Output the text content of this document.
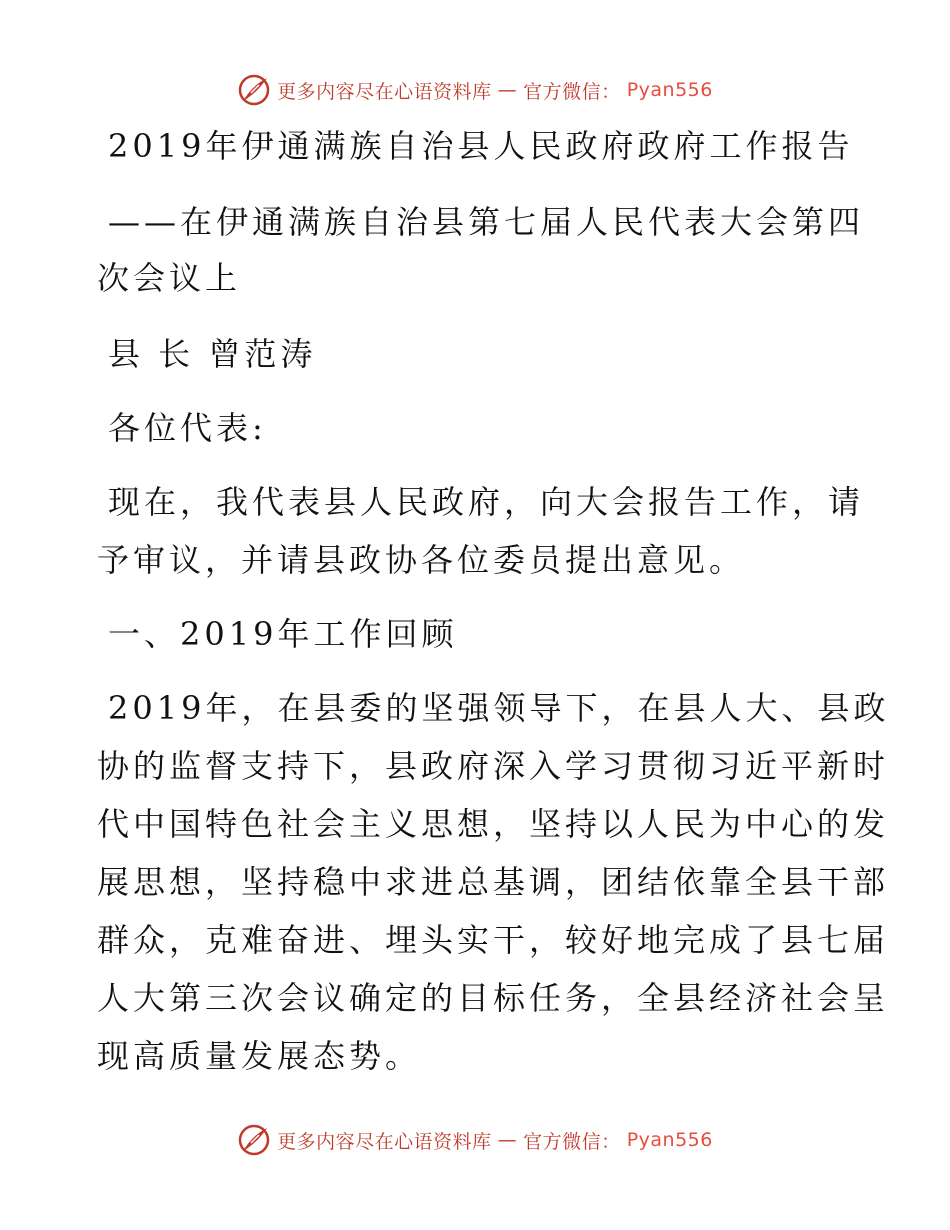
更多内容尽在心语资料库 — 官方微信： Pyan556

2019年伊通满族自治县人民政府政府工作报告

——在伊通满族自治县第七届人民代表大会第四

次会议上

县 长 曾范涛

各位代表:

现在，我代表县人民政府，向大会报告工作，请

予审议，并请县政协各位委员提出意见。

一、2019年工作回顾

2019年，在县委的坚强领导下，在县人大、县政

协的监督支持下，县政府深入学习贯彻习近平新时

代中国特色社会主义思想，坚持以人民为中心的发

展思想，坚持稳中求进总基调，团结依靠全县干部

群众，克难奋进、埋头实干，较好地完成了县七届

人大第三次会议确定的目标任务，全县经济社会呈

现高质量发展态势。

更多内容尽在心语资料库 — 官方微信： Pyan556
